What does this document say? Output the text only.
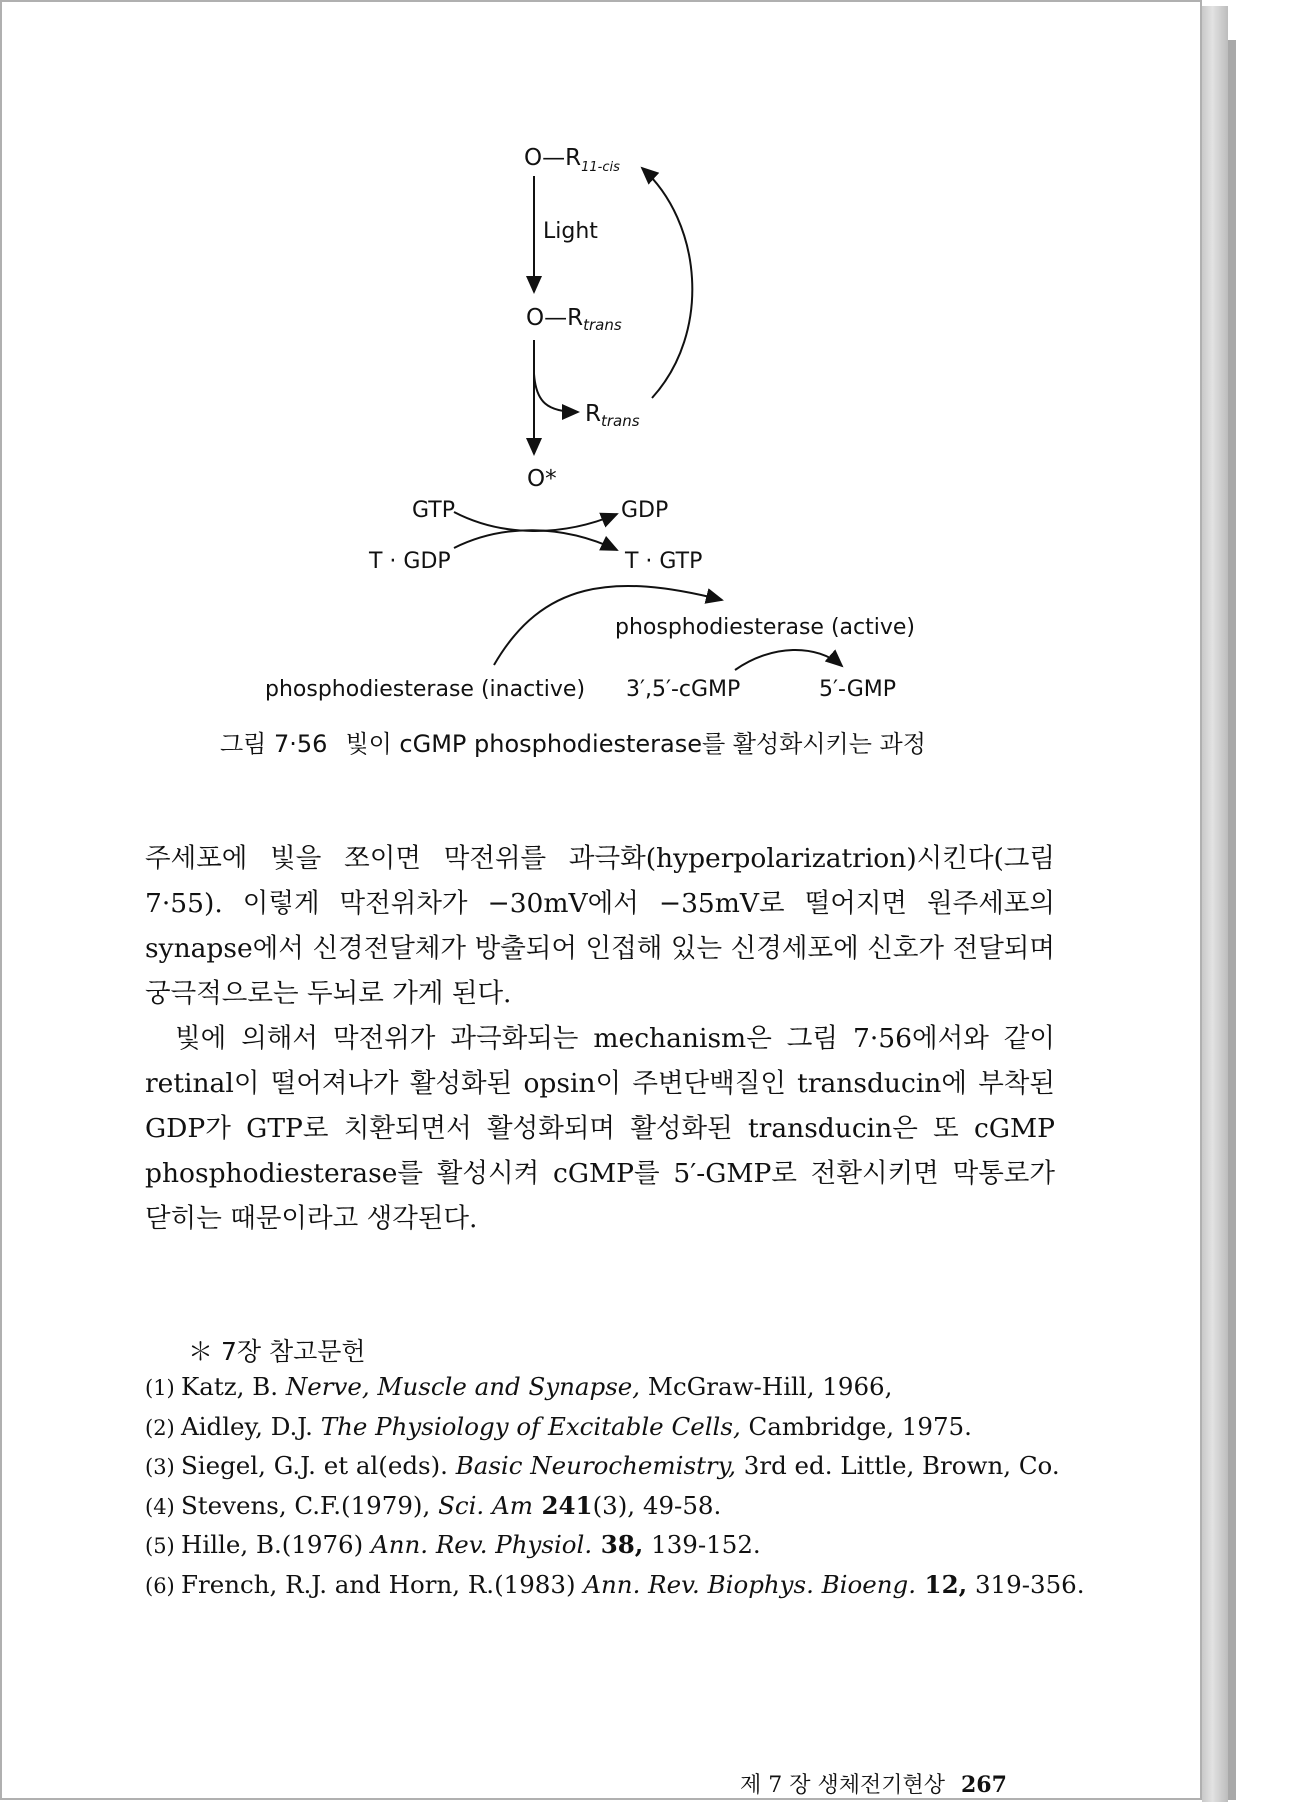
$O—R_{11-cis}$
Light
$O—R_{trans}$
$R_{trans}$
O*
GTP	GDP
T · GDP	T · GTP
phosphodiesterase (active)
phosphodiesterase (inactive) 3′,5′-cGMP	5′-GMP
그림 7·56 빛이 cGMP phosphodiesterase를 활성화시키는 과정

주세포에 빛을 쪼이면 막전위를 과극화(hyperpolarizatrion)시킨다(그림 7·55). 이렇게 막전위차가 −30mV에서 −35mV로 떨어지면 원주세포의 synapse에서 신경전달체가 방출되어 인접해 있는 신경세포에 신호가 전달되며 궁극적으로는 두뇌로 가게 된다.

빛에 의해서 막전위가 과극화되는 mechanism은 그림 7·56에서와 같이 retinal이 떨어져나가 활성화된 opsin이 주변단백질인 transducin에 부착된 GDP가 GTP로 치환되면서 활성화되며 활성화된 transducin은 또 cGMP phosphodiesterase를 활성시켜 cGMP를 5′-GMP로 전환시키면 막통로가 닫히는 때문이라고 생각된다.

＊ 7장 참고문헌
(1) Katz, B. Nerve, Muscle and Synapse, McGraw-Hill, 1966,
(2) Aidley, D.J. The Physiology of Excitable Cells, Cambridge, 1975.
(3) Siegel, G.J. et al(eds). Basic Neurochemistry, 3rd ed. Little, Brown, Co.
(4) Stevens, C.F.(1979), Sci. Am 241(3), 49-58.
(5) Hille, B.(1976) Ann. Rev. Physiol. 38, 139-152.
(6) French, R.J. and Horn, R.(1983) Ann. Rev. Biophys. Bioeng. 12, 319-356.
제 7 장 생체전기현상 267
